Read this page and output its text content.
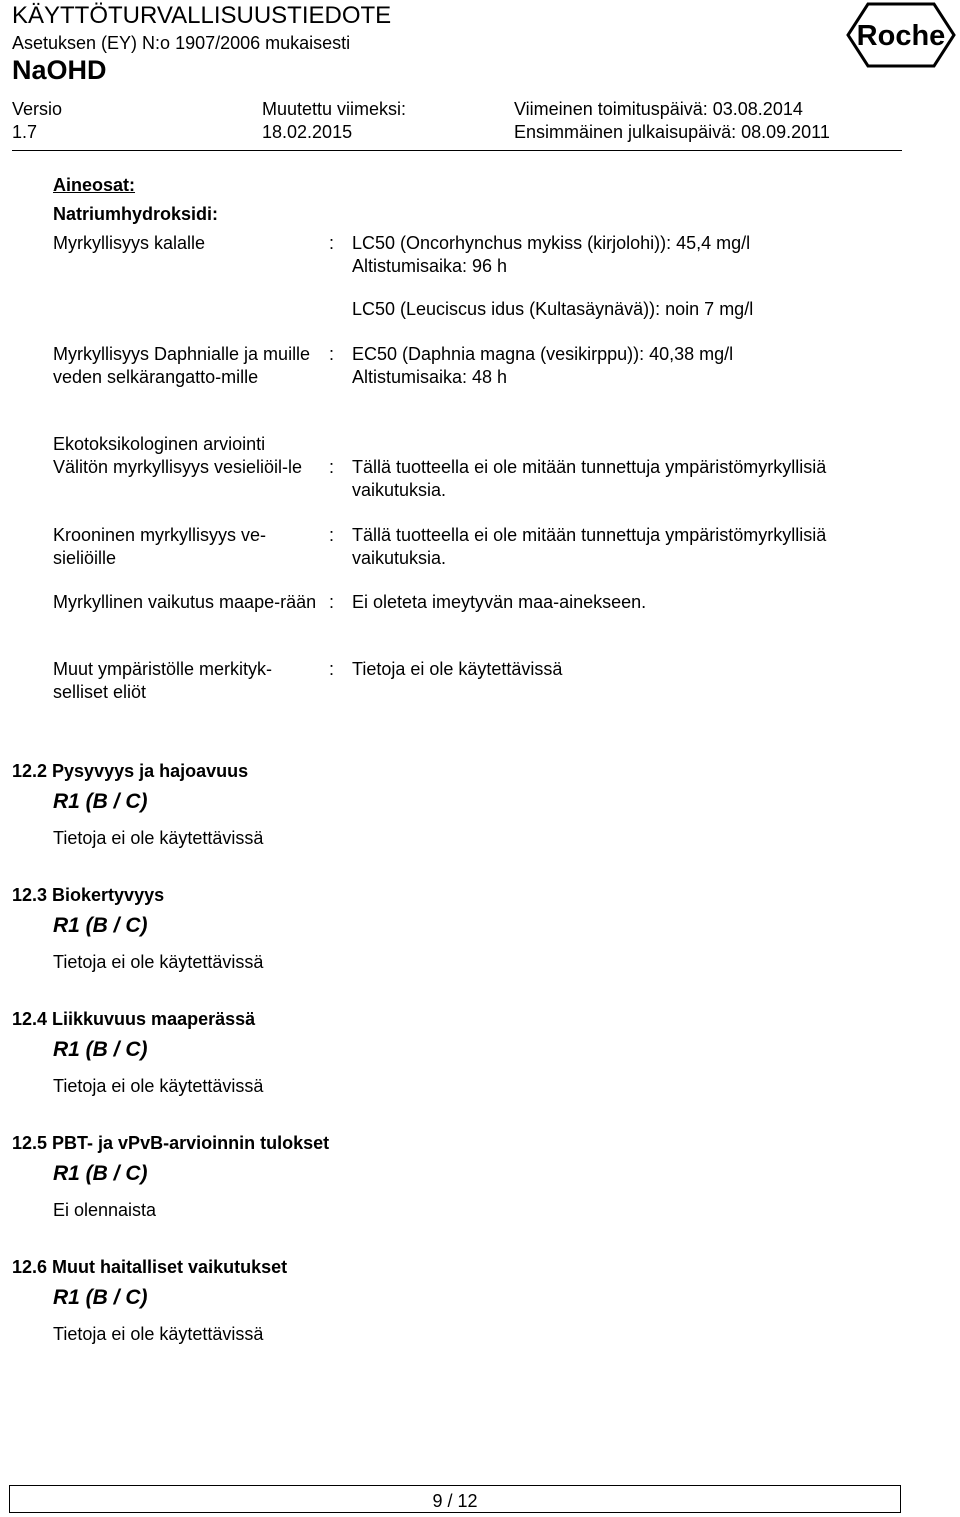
KÄYTTÖTURVALLISUUSTIEDOTE
Asetuksen (EY) N:o 1907/2006 mukaisesti
NaOHD
Versio
1.7
Muutettu viimeksi:
18.02.2015
Viimeinen toimituspäivä: 03.08.2014
Ensimmäinen julkaisupäivä: 08.09.2011
Roche
Aineosat:
Natriumhydroksidi:
Myrkyllisyys kalalle	: LC50 (Oncorhynchus mykiss (kirjolohi)): 45,4 mg/l
Altistumisaika: 96 h
LC50 (Leuciscus idus (Kultasäynävä)): noin 7 mg/l
Myrkyllisyys Daphnialle ja muille veden selkärangatto-mille
: EC50 (Daphnia magna (vesikirppu)): 40,38 mg/l
Altistumisaika: 48 h
Ekotoksikologinen arviointi
Välitön myrkyllisyys vesieliöil-le	: Tällä tuotteella ei ole mitään tunnettuja ympäristömyrkyllisiä vaikutuksia.
Krooninen myrkyllisyys ve-sieliöille
: Tällä tuotteella ei ole mitään tunnettuja ympäristömyrkyllisiä vaikutuksia.
Myrkyllinen vaikutus maape-rään : Ei oleteta imeytyvän maa-ainekseen.
Muut ympäristölle merkityk-selliset eliöt
: Tietoja ei ole käytettävissä
12.2 Pysyvyys ja hajoavuus
R1 (B / C)
Tietoja ei ole käytettävissä
12.3 Biokertyvyys
R1 (B / C)
Tietoja ei ole käytettävissä
12.4 Liikkuvuus maaperässä
R1 (B / C)
Tietoja ei ole käytettävissä
12.5 PBT- ja vPvB-arvioinnin tulokset
R1 (B / C)
Ei olennaista
12.6 Muut haitalliset vaikutukset
R1 (B / C)
Tietoja ei ole käytettävissä
9 / 12
